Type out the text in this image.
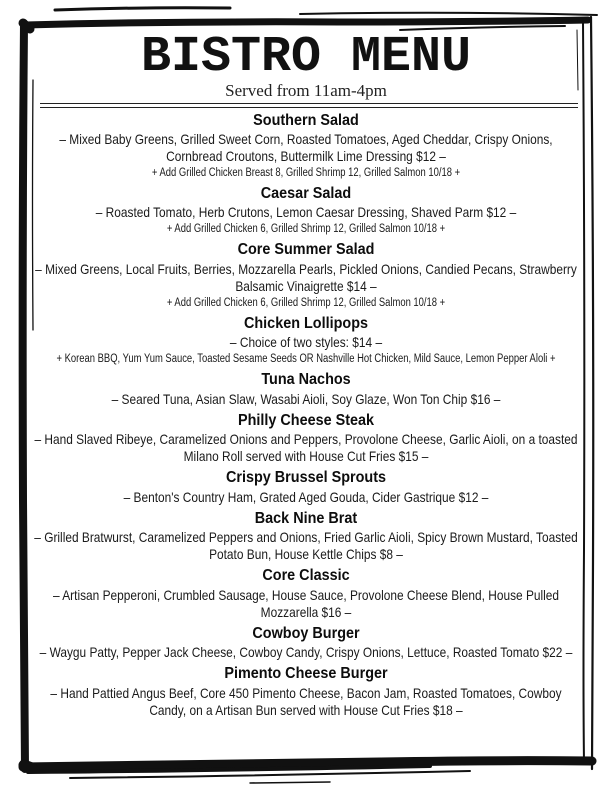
BISTRO MENU
Served from 11am-4pm
Southern Salad

– Mixed Baby Greens, Grilled Sweet Corn, Roasted Tomatoes, Aged Cheddar, Crispy Onions, Cornbread Croutons, Buttermilk Lime Dressing $12 –

+ Add Grilled Chicken Breast 8, Grilled Shrimp 12, Grilled Salmon 10/18 +

Caesar Salad

– Roasted Tomato, Herb Crutons, Lemon Caesar Dressing, Shaved Parm $12 –

+ Add Grilled Chicken 6, Grilled Shrimp 12, Grilled Salmon 10/18 +

Core Summer Salad

– Mixed Greens, Local Fruits, Berries, Mozzarella Pearls, Pickled Onions, Candied Pecans, Strawberry Balsamic Vinaigrette $14 –

+ Add Grilled Chicken 6, Grilled Shrimp 12, Grilled Salmon 10/18 +

Chicken Lollipops

– Choice of two styles: $14 –

+ Korean BBQ, Yum Yum Sauce, Toasted Sesame Seeds OR Nashville Hot Chicken, Mild Sauce, Lemon Pepper Aloli +

Tuna Nachos

– Seared Tuna, Asian Slaw, Wasabi Aioli, Soy Glaze, Won Ton Chip $16 –

Philly Cheese Steak

– Hand Slaved Ribeye, Caramelized Onions and Peppers, Provolone Cheese, Garlic Aioli, on a toasted Milano Roll served with House Cut Fries $15 –

Crispy Brussel Sprouts

– Benton's Country Ham, Grated Aged Gouda, Cider Gastrique $12 –

Back Nine Brat

– Grilled Bratwurst, Caramelized Peppers and Onions, Fried Garlic Aioli, Spicy Brown Mustard, Toasted Potato Bun, House Kettle Chips $8 –

Core Classic

– Artisan Pepperoni, Crumbled Sausage, House Sauce, Provolone Cheese Blend, House Pulled Mozzarella $16 –

Cowboy Burger

– Waygu Patty, Pepper Jack Cheese, Cowboy Candy, Crispy Onions, Lettuce, Roasted Tomato $22 –

Pimento Cheese Burger

– Hand Pattied Angus Beef, Core 450 Pimento Cheese, Bacon Jam, Roasted Tomatoes, Cowboy Candy, on a Artisan Bun served with House Cut Fries $18 –
